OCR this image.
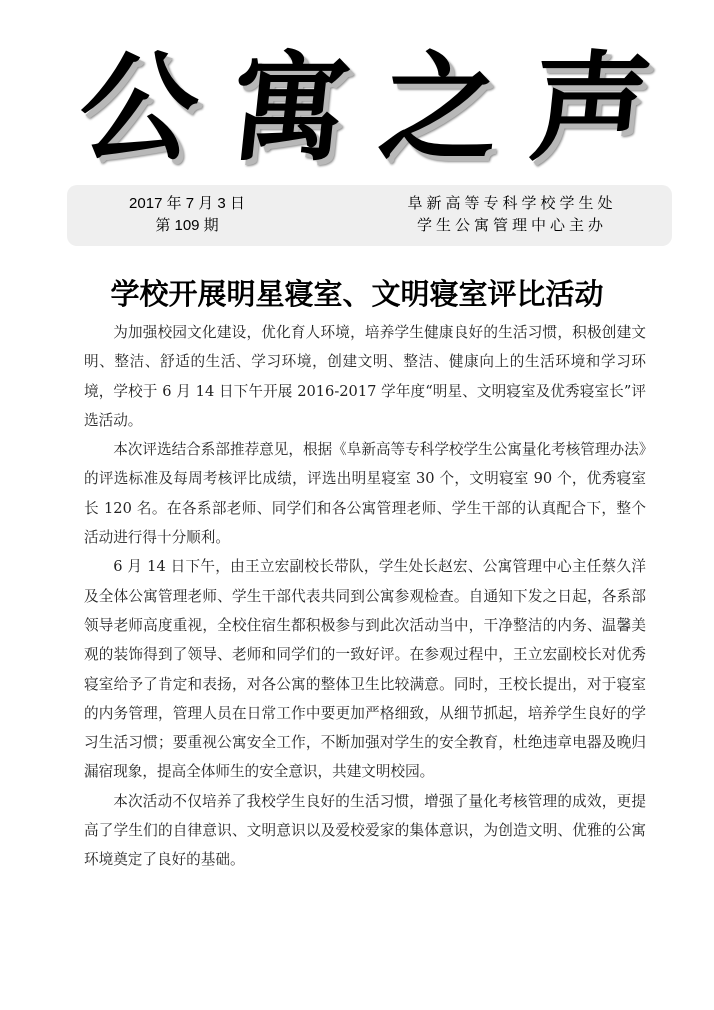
公 寓 之 声
2017 年 7 月 3 日
第 109 期
阜新高等专科学校学生处
学生公寓管理中心主办
学校开展明星寝室、文明寝室评比活动

为加强校园文化建设，优化育人环境，培养学生健康良好的生活习惯，积极创建文明、整洁、舒适的生活、学习环境，创建文明、整洁、健康向上的生活环境和学习环境，学校于 6 月 14 日下午开展 2016-2017 学年度“明星、文明寝室及优秀寝室长”评选活动。

本次评选结合系部推荐意见，根据《阜新高等专科学校学生公寓量化考核管理办法》的评选标准及每周考核评比成绩，评选出明星寝室 30 个，文明寝室 90 个，优秀寝室长 120 名。在各系部老师、同学们和各公寓管理老师、学生干部的认真配合下，整个活动进行得十分顺利。

6 月 14 日下午，由王立宏副校长带队，学生处长赵宏、公寓管理中心主任蔡久洋及全体公寓管理老师、学生干部代表共同到公寓参观检查。自通知下发之日起，各系部领导老师高度重视，全校住宿生都积极参与到此次活动当中，干净整洁的内务、温馨美观的装饰得到了领导、老师和同学们的一致好评。在参观过程中，王立宏副校长对优秀寝室给予了肯定和表扬，对各公寓的整体卫生比较满意。同时，王校长提出，对于寝室的内务管理，管理人员在日常工作中要更加严格细致，从细节抓起，培养学生良好的学习生活习惯；要重视公寓安全工作，不断加强对学生的安全教育，杜绝违章电器及晚归漏宿现象，提高全体师生的安全意识，共建文明校园。

本次活动不仅培养了我校学生良好的生活习惯，增强了量化考核管理的成效，更提高了学生们的自律意识、文明意识以及爱校爱家的集体意识，为创造文明、优雅的公寓环境奠定了良好的基础。
